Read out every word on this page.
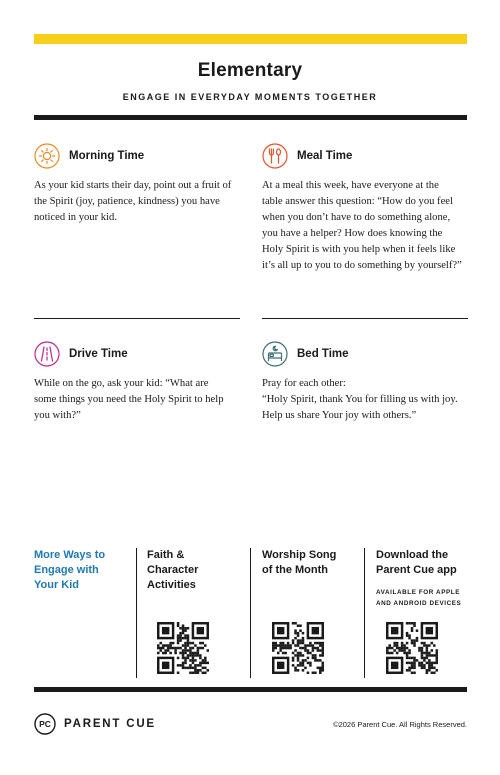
Elementary
ENGAGE IN EVERYDAY MOMENTS TOGETHER
Morning Time
As your kid starts their day, point out a fruit of
the Spirit (joy, patience, kindness) you have
noticed in your kid.
Meal Time
At a meal this week, have everyone at the
table answer this question: “How do you feel
when you don’t have to do something alone,
you have a helper? How does knowing the
Holy Spirit is with you help when it feels like
it’s all up to you to do something by yourself?”
Drive Time
While on the go, ask your kid: “What are
some things you need the Holy Spirit to help
you with?”
Bed Time
Pray for each other:
“Holy Spirit, thank You for filling us with joy.
Help us share Your joy with others.”
More Ways to
Engage with
Your Kid
Faith &
Character
Activities
Worship Song
of the Month
Download the
Parent Cue app
AVAILABLE FOR APPLE
AND ANDROID DEVICES
PC PARENT CUE	©2026 Parent Cue. All Rights Reserved.
